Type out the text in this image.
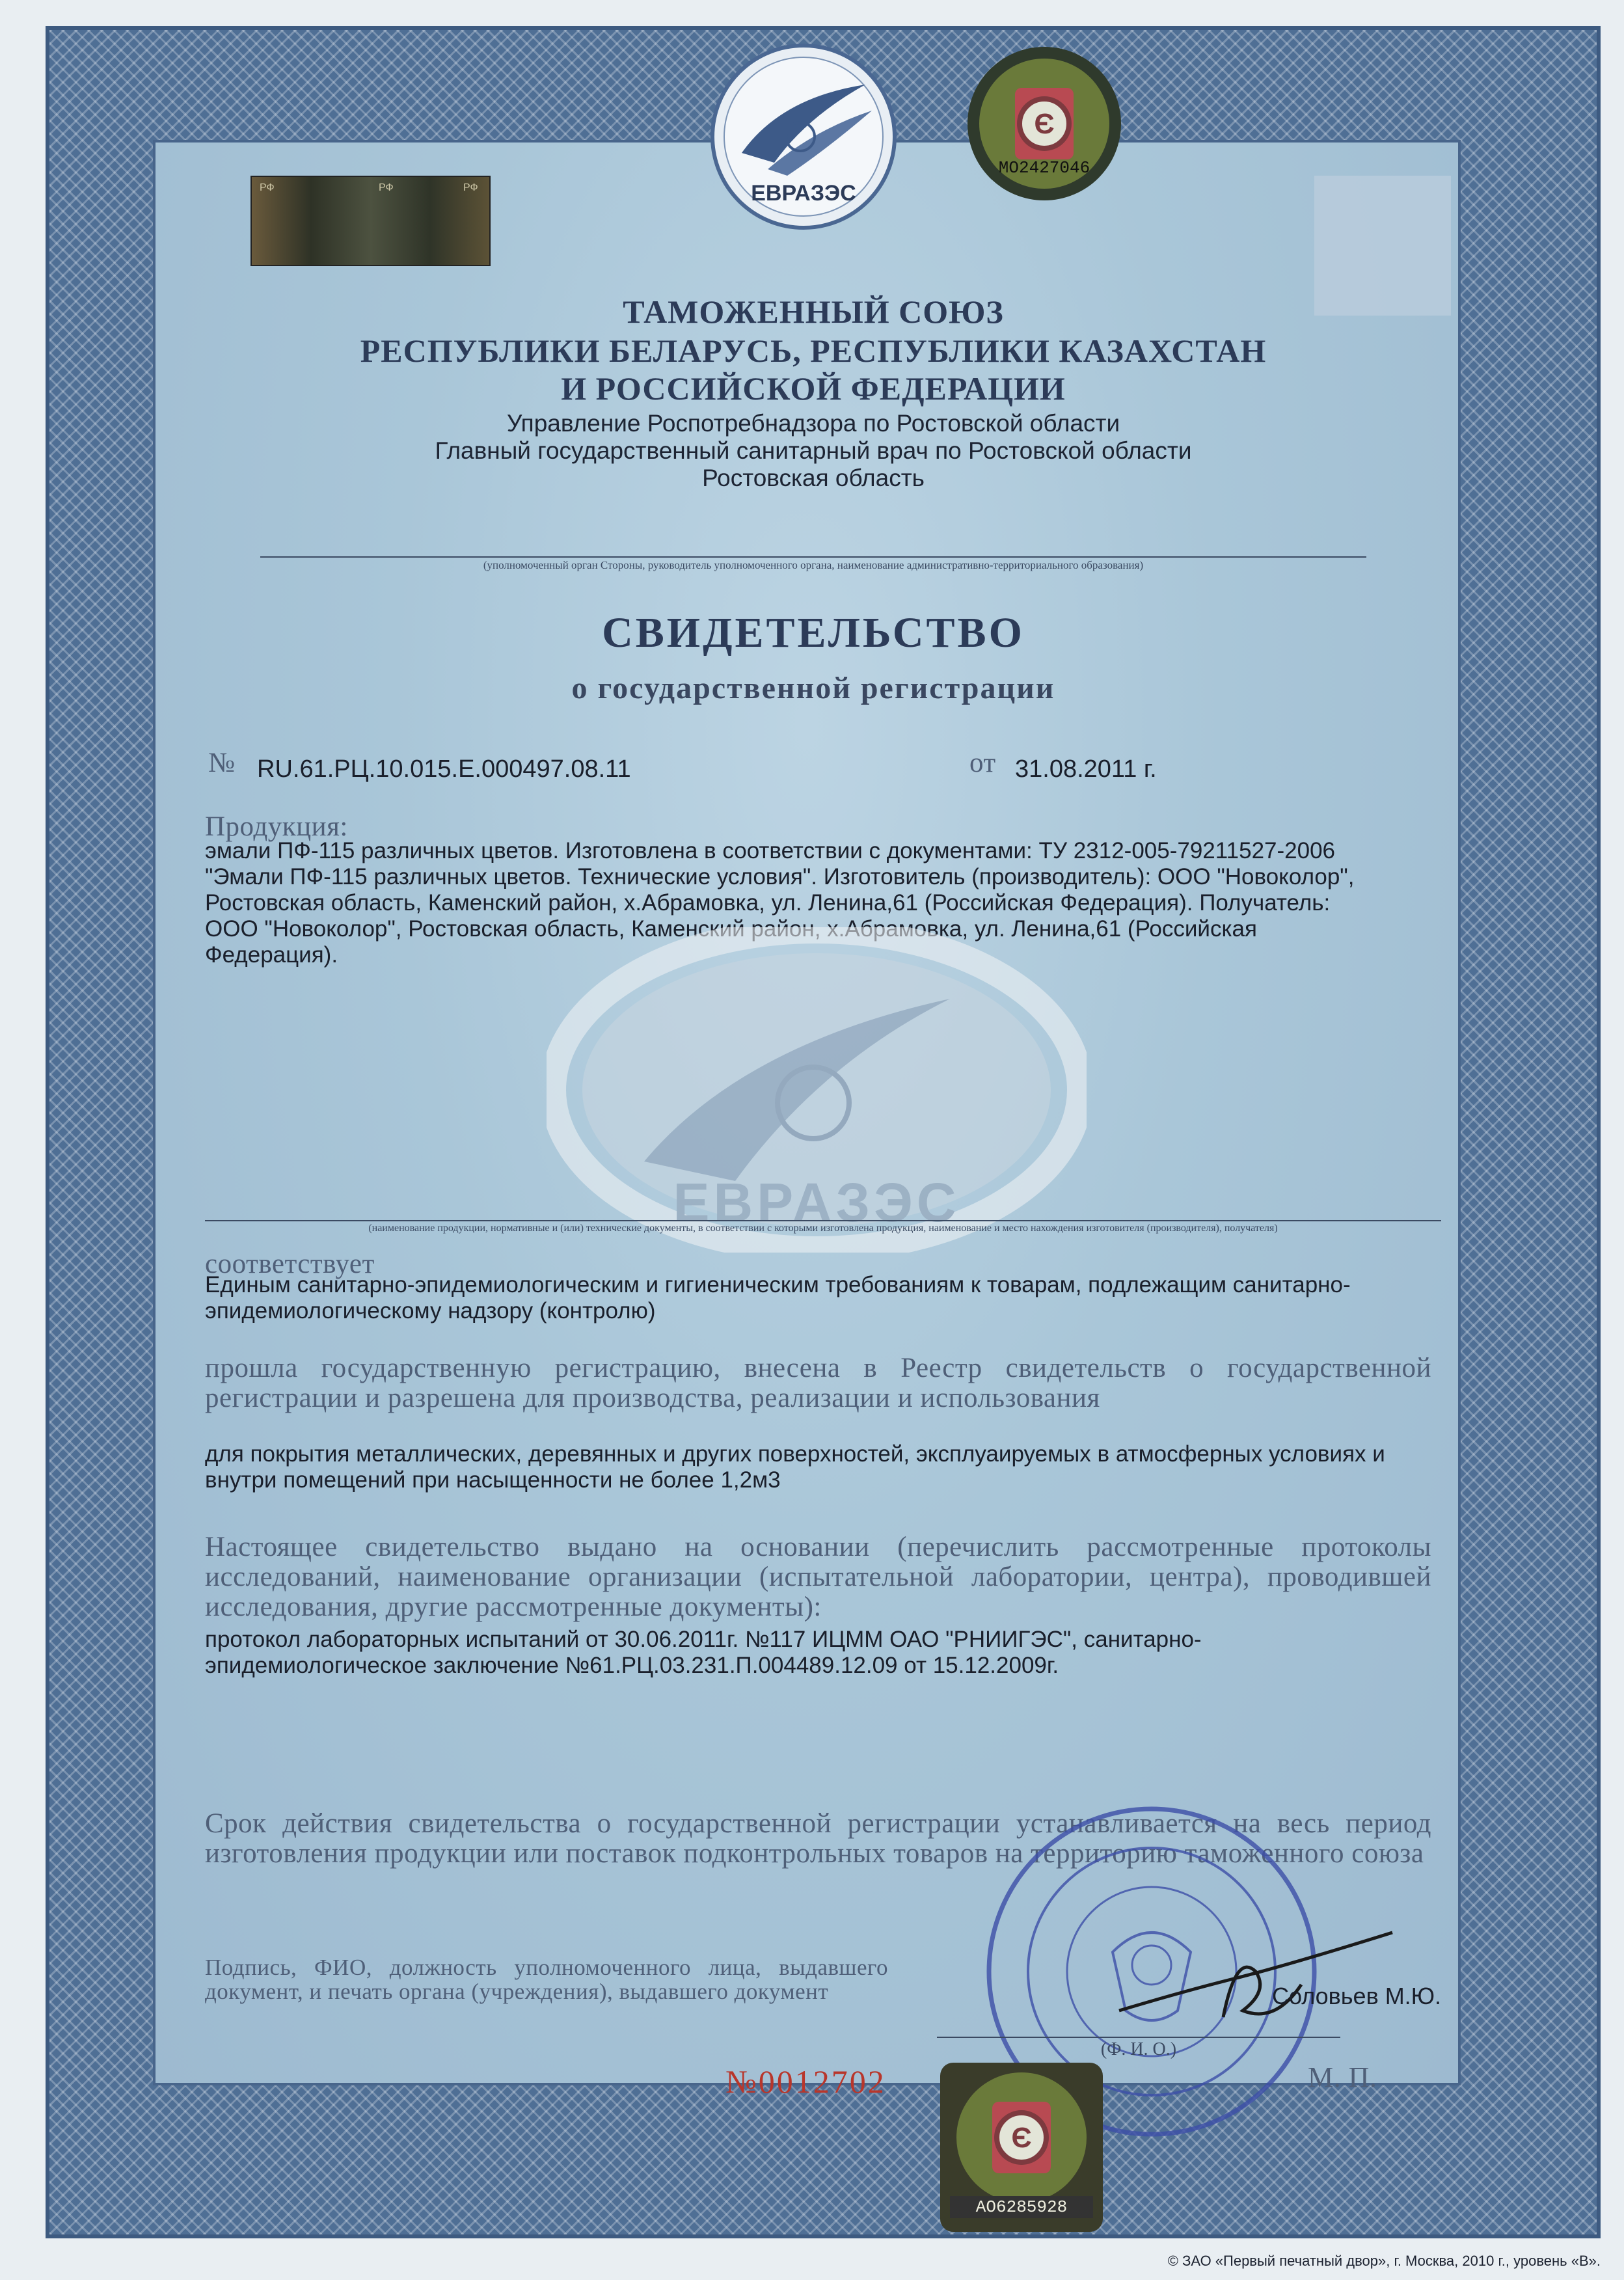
ЕВРАЗЭС
Є
МО2427046
РФ	РФ	РФ
ТАМОЖЕННЫЙ СОЮЗ
РЕСПУБЛИКИ БЕЛАРУСЬ, РЕСПУБЛИКИ КАЗАХСТАН
И РОССИЙСКОЙ ФЕДЕРАЦИИ
Управление Роспотребнадзора по Ростовской области
Главный государственный санитарный врач по Ростовской области
Ростовская область
(уполномоченный орган Стороны, руководитель уполномоченного органа, наименование административно-территориального образования)
СВИДЕТЕЛЬСТВО
о государственной регистрации
№ RU.61.РЦ.10.015.Е.000497.08.11	от 31.08.2011 г.
Продукция:
эмали ПФ-115 различных цветов. Изготовлена в соответствии с документами: ТУ 2312-005-79211527-2006 "Эмали ПФ-115 различных цветов. Технические условия". Изготовитель (производитель): ООО "Новоколор", Ростовская область, Каменский район, х.Абрамовка, ул. Ленина,61 (Российская Федерация). Получатель: ООО "Новоколор", Ростовская область, Каменский район, х.Абрамовка, ул. Ленина,61 (Российская Федерация).
ЕВРАЗЭС
(наименование продукции, нормативные и (или) технические документы, в соответствии с которыми изготовлена продукция, наименование и место нахождения изготовителя (производителя), получателя)
соответствует
Единым санитарно-эпидемиологическим и гигиеническим требованиям к товарам, подлежащим санитарно-эпидемиологическому надзору (контролю)
прошла государственную регистрацию, внесена в Реестр свидетельств о государственной регистрации и разрешена для производства, реализации и использования
для покрытия металлических, деревянных и других поверхностей, эксплуаируемых в атмосферных условиях и внутри помещений при насыщенности не более 1,2м3
Настоящее свидетельство выдано на основании (перечислить рассмотренные протоколы исследований, наименование организации (испытательной лаборатории, центра), проводившей исследования, другие рассмотренные документы):
протокол лабораторных испытаний от 30.06.2011г. №117 ИЦММ ОАО "РНИИГЭС", санитарно-эпидемиологическое заключение №61.РЦ.03.231.П.004489.12.09 от 15.12.2009г.
Срок действия свидетельства о государственной регистрации устанавливается на весь период изготовления продукции или поставок подконтрольных товаров на территорию таможенного союза
Подпись, ФИО, должность уполномоченного лица, выдавшего документ, и печать органа (учреждения), выдавшего документ	Соловьев М.Ю.
(Ф. И. О.)
№0012702	М. П.
Є
АО6285928
© ЗАО «Первый печатный двор», г. Москва, 2010 г., уровень «В».
